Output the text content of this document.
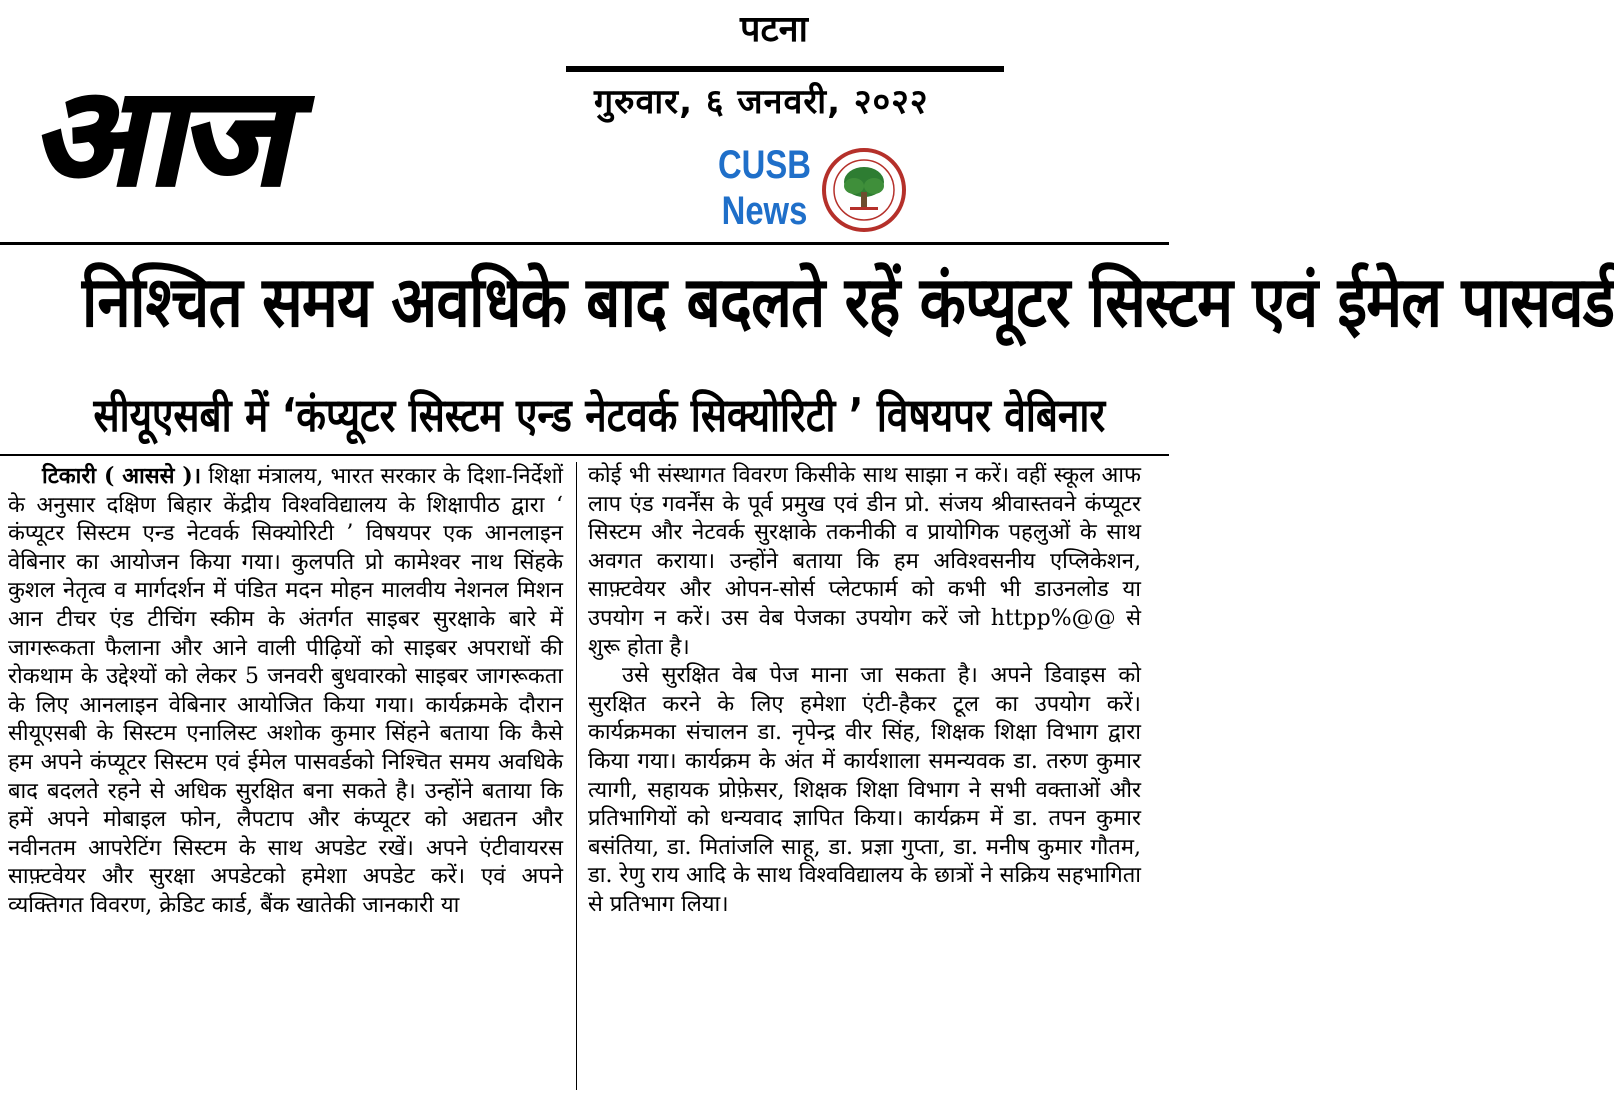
आज
पटना
गुरुवार, ६ जनवरी, २०२२
CUSB
News
निश्चित समय अवधिके बाद बदलते रहें कंप्यूटर सिस्टम एवं ईमेल पासवर्ड
सीयूएसबी में ‘कंप्यूटर सिस्टम एन्ड नेटवर्क सिक्योरिटी ’ विषयपर वेबिनार

टिकारी ( आससे )। शिक्षा मंत्रालय, भारत सरकार के दिशा-निर्देशों के अनुसार दक्षिण बिहार केंद्रीय विश्वविद्यालय के शिक्षापीठ द्वारा ‘ कंप्यूटर सिस्टम एन्ड नेटवर्क सिक्योरिटी ’ विषयपर एक आनलाइन वेबिनार का आयोजन किया गया। कुलपति प्रो कामेश्वर नाथ सिंहके कुशल नेतृत्व व मार्गदर्शन में पंडित मदन मोहन मालवीय नेशनल मिशन आन टीचर एंड टीचिंग स्कीम के अंतर्गत साइबर सुरक्षाके बारे में जागरूकता फैलाना और आने वाली पीढ़ियों को साइबर अपराधों की रोकथाम के उद्देश्यों को लेकर 5 जनवरी बुधवारको साइबर जागरूकता के लिए आनलाइन वेबिनार आयोजित किया गया। कार्यक्रमके दौरान सीयूएसबी के सिस्टम एनालिस्ट अशोक कुमार सिंहने बताया कि कैसे हम अपने कंप्यूटर सिस्टम एवं ईमेल पासवर्डको निश्चित समय अवधिके बाद बदलते रहने से अधिक सुरक्षित बना सकते है। उन्होंने बताया कि हमें अपने मोबाइल फोन, लैपटाप और कंप्यूटर को अद्यतन और नवीनतम आपरेटिंग सिस्टम के साथ अपडेट रखें। अपने एंटीवायरस साफ़्टवेयर और सुरक्षा अपडेटको हमेशा अपडेट करें। एवं अपने व्यक्तिगत विवरण, क्रेडिट कार्ड, बैंक खातेकी जानकारी या

कोई भी संस्थागत विवरण किसीके साथ साझा न करें। वहीं स्कूल आफ लाप एंड गवर्नेंस के पूर्व प्रमुख एवं डीन प्रो. संजय श्रीवास्तवने कंप्यूटर सिस्टम और नेटवर्क सुरक्षाके तकनीकी व प्रायोगिक पहलुओं के साथ अवगत कराया। उन्होंने बताया कि हम अविश्वसनीय एप्लिकेशन, साफ़्टवेयर और ओपन-सोर्स प्लेटफार्म को कभी भी डाउनलोड या उपयोग न करें। उस वेब पेजका उपयोग करें जो httpp%@@ से शुरू होता है।

उसे सुरक्षित वेब पेज माना जा सकता है। अपने डिवाइस को सुरक्षित करने के लिए हमेशा एंटी-हैकर टूल का उपयोग करें। कार्यक्रमका संचालन डा. नृपेन्द्र वीर सिंह, शिक्षक शिक्षा विभाग द्वारा किया गया। कार्यक्रम के अंत में कार्यशाला समन्यवक डा. तरुण कुमार त्यागी, सहायक प्रोफ़ेसर, शिक्षक शिक्षा विभाग ने सभी वक्ताओं और प्रतिभागियों को धन्यवाद ज्ञापित किया। कार्यक्रम में डा. तपन कुमार बसंतिया, डा. मितांजलि साहू, डा. प्रज्ञा गुप्ता, डा. मनीष कुमार गौतम, डा. रेणु राय आदि के साथ विश्वविद्यालय के छात्रों ने सक्रिय सहभागिता से प्रतिभाग लिया।
